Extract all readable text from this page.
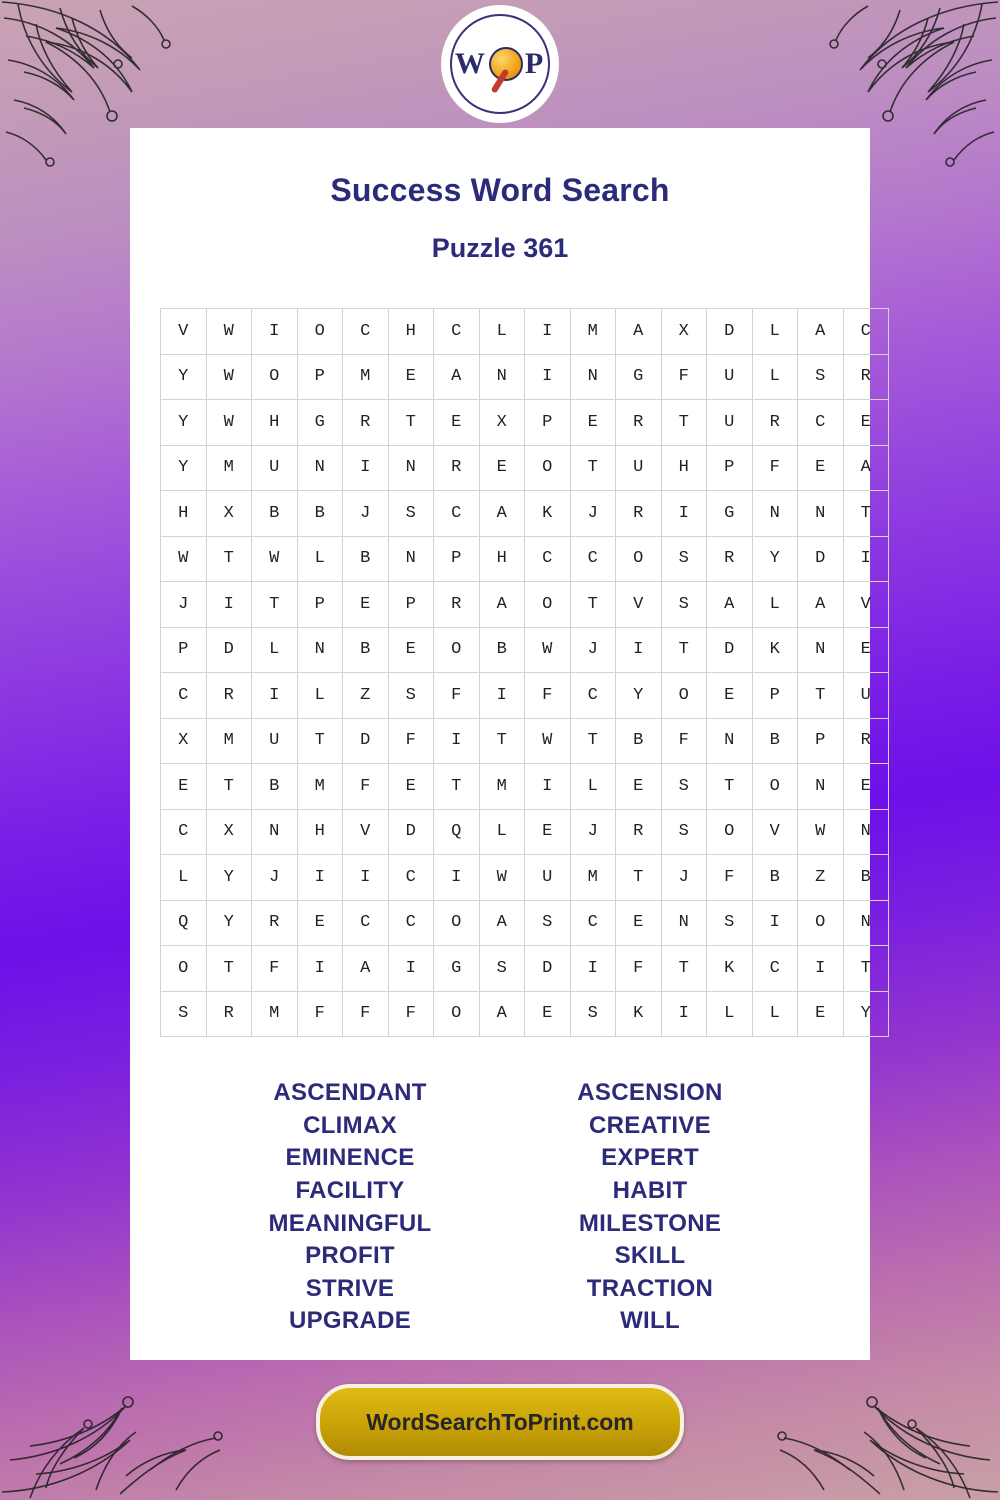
W P
Success Word Search
Puzzle 361
V	W	I	O	C	H	C	L	I	M	A	X	D	L	A	C
Y	W	O	P	M	E	A	N	I	N	G	F	U	L	S	R
Y	W	H	G	R	T	E	X	P	E	R	T	U	R	C	E
Y	M	U	N	I	N	R	E	O	T	U	H	P	F	E	A
H	X	B	B	J	S	C	A	K	J	R	I	G	N	N	T
W	T	W	L	B	N	P	H	C	C	O	S	R	Y	D	I
J	I	T	P	E	P	R	A	O	T	V	S	A	L	A	V
P	D	L	N	B	E	O	B	W	J	I	T	D	K	N	E
C	R	I	L	Z	S	F	I	F	C	Y	O	E	P	T	U
X	M	U	T	D	F	I	T	W	T	B	F	N	B	P	R
E	T	B	M	F	E	T	M	I	L	E	S	T	O	N	E
C	X	N	H	V	D	Q	L	E	J	R	S	O	V	W	N
L	Y	J	I	I	C	I	W	U	M	T	J	F	B	Z	B
Q	Y	R	E	C	C	O	A	S	C	E	N	S	I	O	N
O	T	F	I	A	I	G	S	D	I	F	T	K	C	I	T
S	R	M	F	F	F	O	A	E	S	K	I	L	L	E	Y
ASCENDANT
CLIMAX
EMINENCE
FACILITY
MEANINGFUL
PROFIT
STRIVE
UPGRADE
ASCENSION
CREATIVE
EXPERT
HABIT
MILESTONE
SKILL
TRACTION
WILL
WordSearchToPrint.com
